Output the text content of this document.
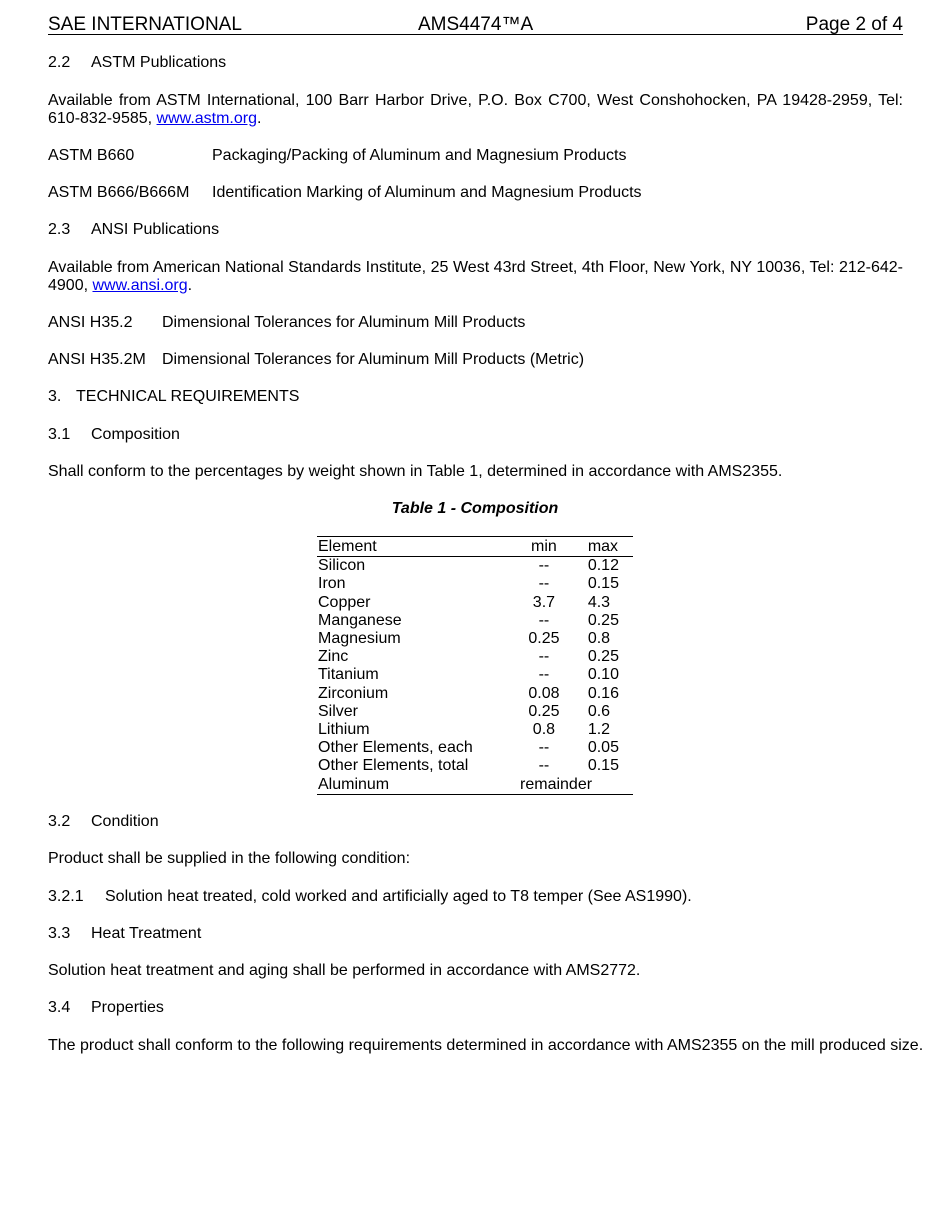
SAE INTERNATIONAL	AMS4474™A	Page 2 of 4
2.2 ASTM Publications
Available from ASTM International, 100 Barr Harbor Drive, P.O. Box C700, West Conshohocken, PA 19428-2959, Tel: 610-832-9585, www.astm.org.
ASTM B660	Packaging/Packing of Aluminum and Magnesium Products
ASTM B666/B666M Identification Marking of Aluminum and Magnesium Products
2.3 ANSI Publications
Available from American National Standards Institute, 25 West 43rd Street, 4th Floor, New York, NY 10036, Tel: 212-642-4900, www.ansi.org.
ANSI H35.2 Dimensional Tolerances for Aluminum Mill Products
ANSI H35.2M Dimensional Tolerances for Aluminum Mill Products (Metric)
3. TECHNICAL REQUIREMENTS
3.1 Composition
Shall conform to the percentages by weight shown in Table 1, determined in accordance with AMS2355.
Table 1 - Composition
Element	min	max
Silicon	--	0.12
Iron	--	0.15
Copper	3.7	4.3
Manganese	--	0.25
Magnesium	0.25	0.8
Zinc	--	0.25
Titanium	--	0.10
Zirconium	0.08	0.16
Silver	0.25	0.6
Lithium	0.8	1.2
Other Elements, each	--	0.05
Other Elements, total	--	0.15
Aluminum	remainder	
3.2 Condition
Product shall be supplied in the following condition:
3.2.1 Solution heat treated, cold worked and artificially aged to T8 temper (See AS1990).
3.3 Heat Treatment
Solution heat treatment and aging shall be performed in accordance with AMS2772.
3.4 Properties
The product shall conform to the following requirements determined in accordance with AMS2355 on the mill produced size.
